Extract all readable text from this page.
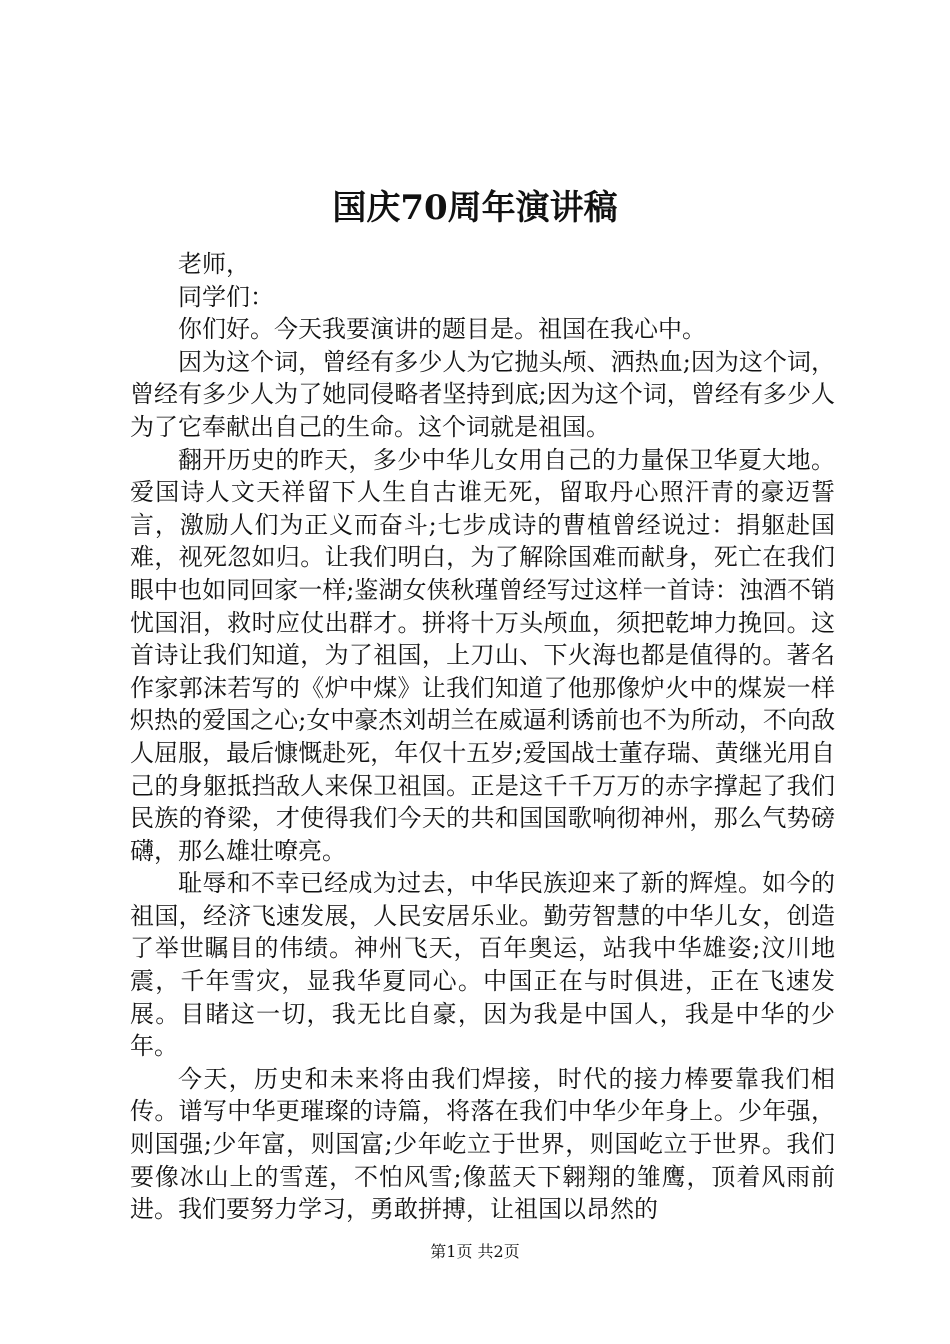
国庆70周年演讲稿

老师，

同学们：

你们好。今天我要演讲的题目是。祖国在我心中。

因为这个词，曾经有多少人为它抛头颅、洒热血;因为这个词，曾经有多少人为了她同侵略者坚持到底;因为这个词，曾经有多少人为了它奉献出自己的生命。这个词就是祖国。

翻开历史的昨天，多少中华儿女用自己的力量保卫华夏大地。爱国诗人文天祥留下人生自古谁无死，留取丹心照汗青的豪迈誓言，激励人们为正义而奋斗;七步成诗的曹植曾经说过：捐躯赴国难，视死忽如归。让我们明白，为了解除国难而献身，死亡在我们眼中也如同回家一样;鉴湖女侠秋瑾曾经写过这样一首诗：浊酒不销忧国泪，救时应仗出群才。拼将十万头颅血，须把乾坤力挽回。这首诗让我们知道，为了祖国，上刀山、下火海也都是值得的。著名作家郭沫若写的《炉中煤》让我们知道了他那像炉火中的煤炭一样炽热的爱国之心;女中豪杰刘胡兰在威逼利诱前也不为所动，不向敌人屈服，最后慷慨赴死，年仅十五岁;爱国战士董存瑞、黄继光用自己的身躯抵挡敌人来保卫祖国。正是这千千万万的赤字撑起了我们民族的脊梁，才使得我们今天的共和国国歌响彻神州，那么气势磅礴，那么雄壮嘹亮。

耻辱和不幸已经成为过去，中华民族迎来了新的辉煌。如今的祖国，经济飞速发展，人民安居乐业。勤劳智慧的中华儿女，创造了举世瞩目的伟绩。神州飞天，百年奥运，站我中华雄姿;汶川地震，千年雪灾，显我华夏同心。中国正在与时俱进，正在飞速发展。目睹这一切，我无比自豪，因为我是中国人，我是中华的少年。

今天，历史和未来将由我们焊接，时代的接力棒要靠我们相传。谱写中华更璀璨的诗篇，将落在我们中华少年身上。少年强，则国强;少年富，则国富;少年屹立于世界，则国屹立于世界。我们要像冰山上的雪莲，不怕风雪;像蓝天下翱翔的雏鹰，顶着风雨前进。我们要努力学习，勇敢拼搏，让祖国以昂然的

第1页 共2页
